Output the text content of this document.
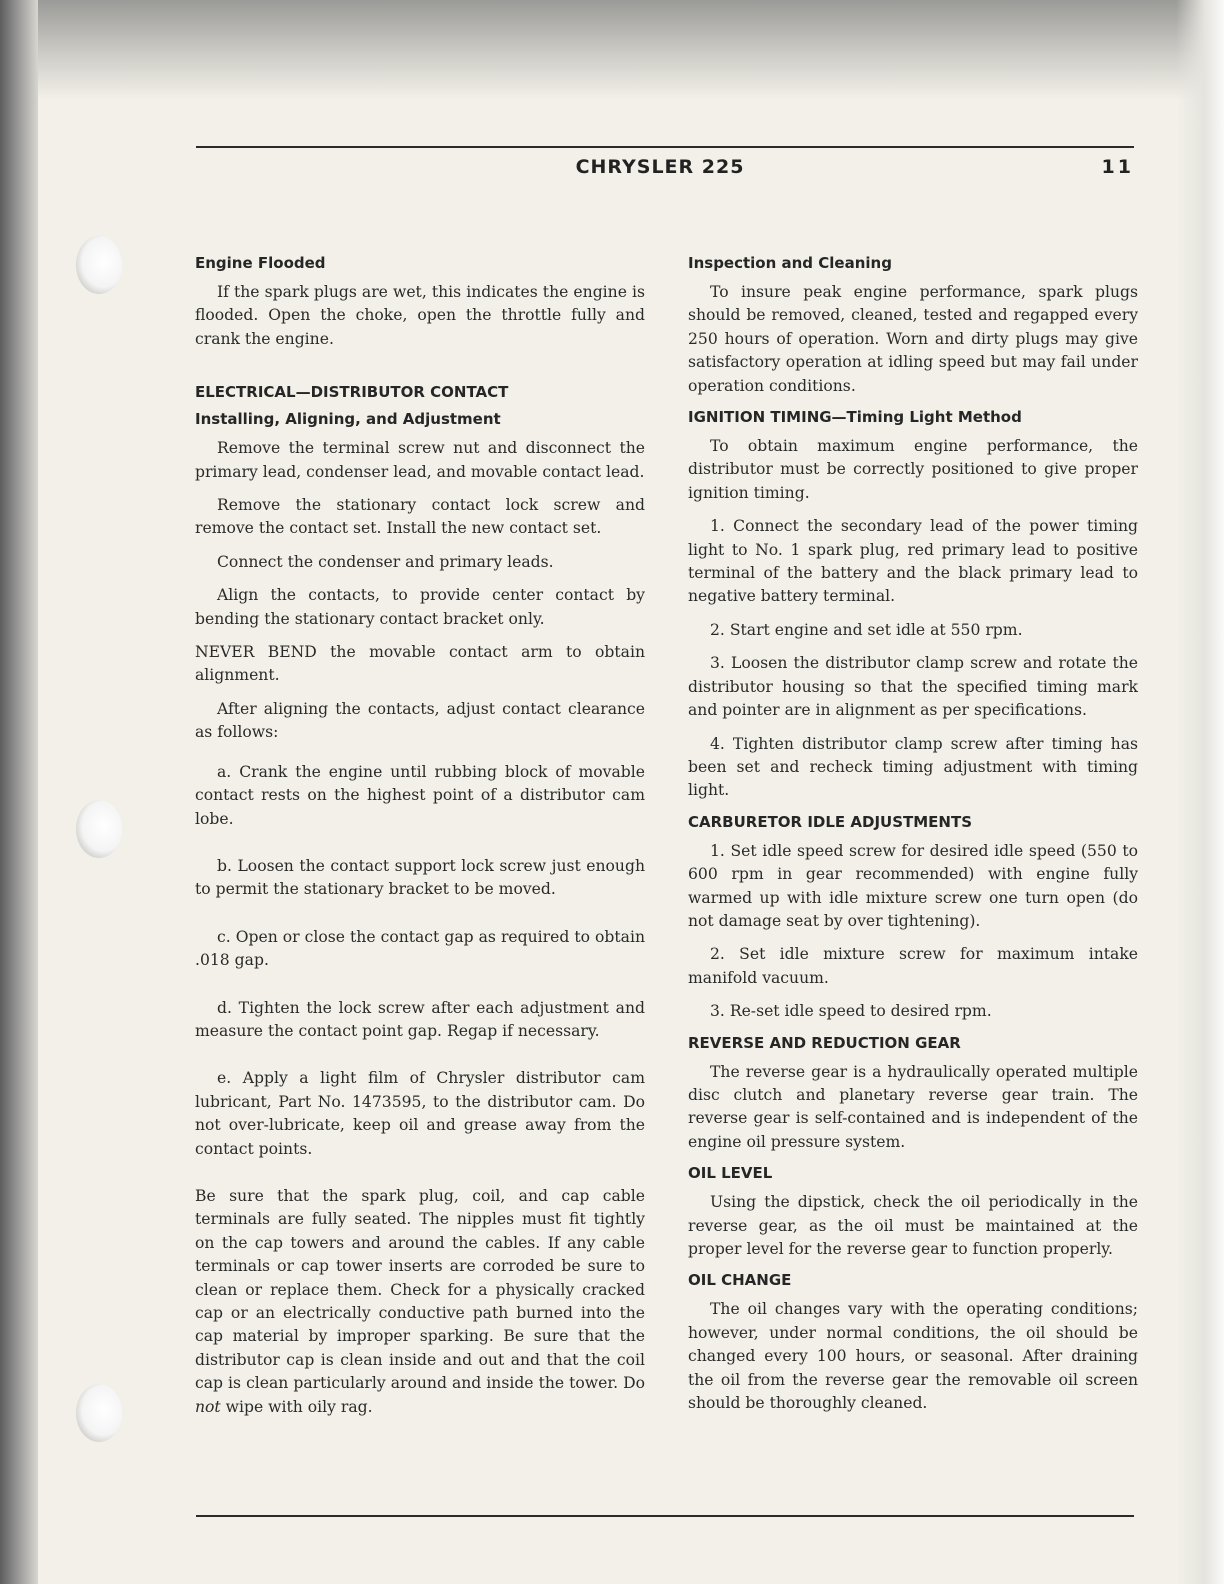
CHRYSLER 225	11
Engine Flooded

If the spark plugs are wet, this indicates the engine is flooded. Open the choke, open the throttle fully and crank the engine.

ELECTRICAL—DISTRIBUTOR CONTACT
Installing, Aligning, and Adjustment

Remove the terminal screw nut and disconnect the primary lead, condenser lead, and movable contact lead.

Remove the stationary contact lock screw and remove the contact set. Install the new contact set.

Connect the condenser and primary leads.

Align the contacts, to provide center contact by bending the stationary contact bracket only.

NEVER BEND the movable contact arm to obtain alignment.

After aligning the contacts, adjust contact clearance as follows:

a. Crank the engine until rubbing block of movable contact rests on the highest point of a distributor cam lobe.

b. Loosen the contact support lock screw just enough to permit the stationary bracket to be moved.

c. Open or close the contact gap as required to obtain .018 gap.

d. Tighten the lock screw after each adjustment and measure the contact point gap. Regap if necessary.

e. Apply a light film of Chrysler distributor cam lubricant, Part No. 1473595, to the distributor cam. Do not over-lubricate, keep oil and grease away from the contact points.

Be sure that the spark plug, coil, and cap cable terminals are fully seated. The nipples must fit tightly on the cap towers and around the cables. If any cable terminals or cap tower inserts are corroded be sure to clean or replace them. Check for a physically cracked cap or an electrically conductive path burned into the cap material by improper sparking. Be sure that the distributor cap is clean inside and out and that the coil cap is clean particularly around and inside the tower. Do not wipe with oily rag.

Inspection and Cleaning

To insure peak engine performance, spark plugs should be removed, cleaned, tested and regapped every 250 hours of operation. Worn and dirty plugs may give satisfactory operation at idling speed but may fail under operation conditions.

IGNITION TIMING—Timing Light Method

To obtain maximum engine performance, the distributor must be correctly positioned to give proper ignition timing.

1. Connect the secondary lead of the power timing light to No. 1 spark plug, red primary lead to positive terminal of the battery and the black primary lead to negative battery terminal.

2. Start engine and set idle at 550 rpm.

3. Loosen the distributor clamp screw and rotate the distributor housing so that the specified timing mark and pointer are in alignment as per specifications.

4. Tighten distributor clamp screw after timing has been set and recheck timing adjustment with timing light.

CARBURETOR IDLE ADJUSTMENTS

1. Set idle speed screw for desired idle speed (550 to 600 rpm in gear recommended) with engine fully warmed up with idle mixture screw one turn open (do not damage seat by over tightening).

2. Set idle mixture screw for maximum intake manifold vacuum.

3. Re-set idle speed to desired rpm.

REVERSE AND REDUCTION GEAR

The reverse gear is a hydraulically operated multiple disc clutch and planetary reverse gear train. The reverse gear is self-contained and is independent of the engine oil pressure system.

OIL LEVEL

Using the dipstick, check the oil periodically in the reverse gear, as the oil must be maintained at the proper level for the reverse gear to function properly.

OIL CHANGE

The oil changes vary with the operating conditions; however, under normal conditions, the oil should be changed every 100 hours, or seasonal. After draining the oil from the reverse gear the removable oil screen should be thoroughly cleaned.
